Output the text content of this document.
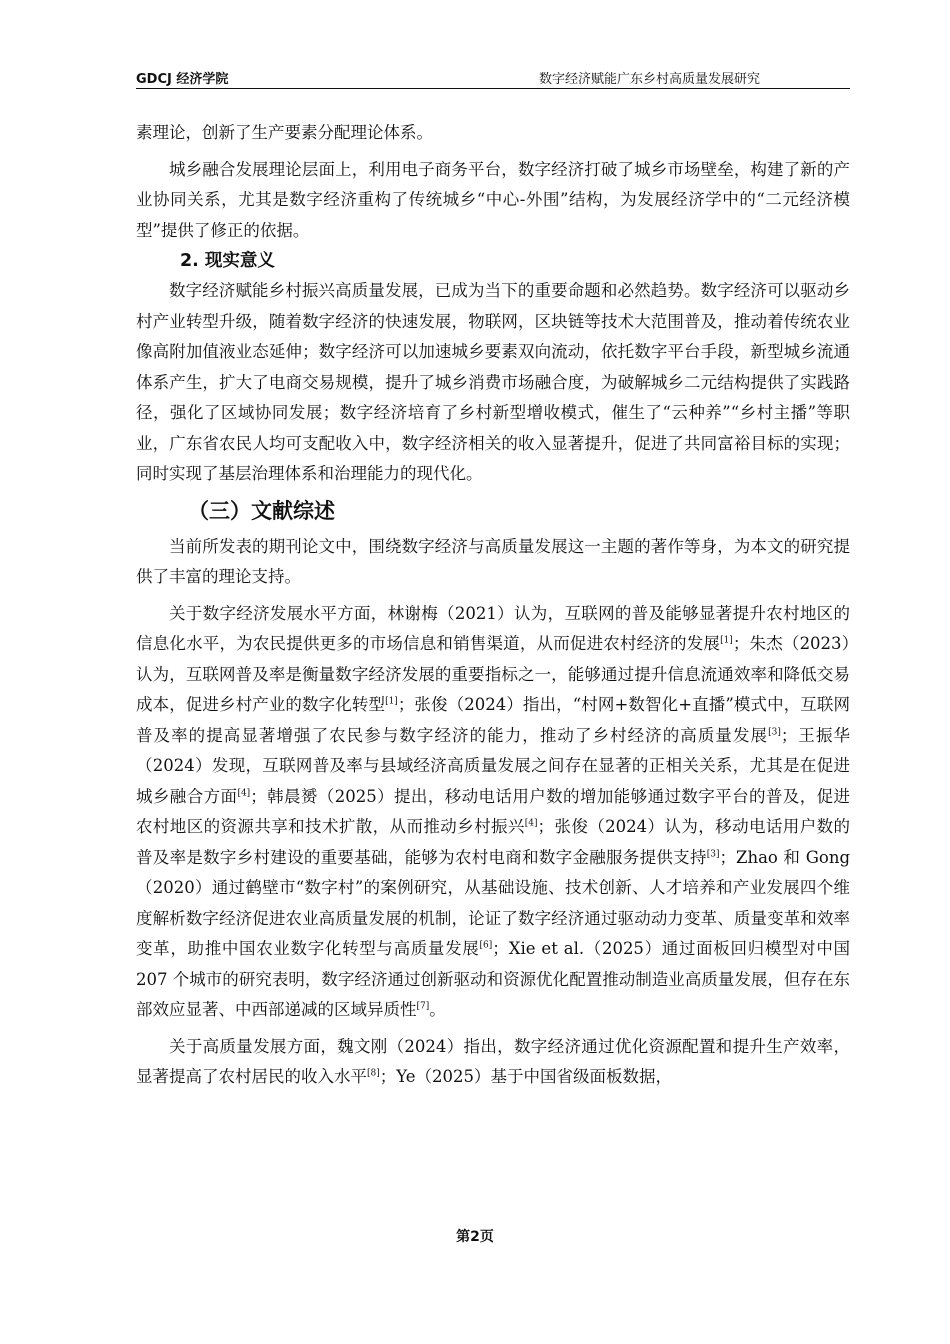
GDCJ 经济学院	数字经济赋能广东乡村高质量发展研究

素理论，创新了生产要素分配理论体系。

城乡融合发展理论层面上，利用电子商务平台，数字经济打破了城乡市场壁垒，构建了新的产业协同关系，尤其是数字经济重构了传统城乡“中心-外围”结构，为发展经济学中的“二元经济模型”提供了修正的依据。

2. 现实意义

数字经济赋能乡村振兴高质量发展，已成为当下的重要命题和必然趋势。数字经济可以驱动乡村产业转型升级，随着数字经济的快速发展，物联网，区块链等技术大范围普及，推动着传统农业像高附加值液业态延伸；数字经济可以加速城乡要素双向流动，依托数字平台手段，新型城乡流通体系产生，扩大了电商交易规模，提升了城乡消费市场融合度，为破解城乡二元结构提供了实践路径，强化了区域协同发展；数字经济培育了乡村新型增收模式，催生了“云种养”“乡村主播”等职业，广东省农民人均可支配收入中，数字经济相关的收入显著提升，促进了共同富裕目标的实现；同时实现了基层治理体系和治理能力的现代化。

（三）文献综述

当前所发表的期刊论文中，围绕数字经济与高质量发展这一主题的著作等身，为本文的研究提供了丰富的理论支持。

关于数字经济发展水平方面，林谢梅（2021）认为，互联网的普及能够显著提升农村地区的信息化水平，为农民提供更多的市场信息和销售渠道，从而促进农村经济的发展[1]；朱杰（2023）认为，互联网普及率是衡量数字经济发展的重要指标之一，能够通过提升信息流通效率和降低交易成本，促进乡村产业的数字化转型[1]；张俊（2024）指出，“村网+数智化+直播”模式中，互联网普及率的提高显著增强了农民参与数字经济的能力，推动了乡村经济的高质量发展[3]；王振华（2024）发现，互联网普及率与县域经济高质量发展之间存在显著的正相关关系，尤其是在促进城乡融合方面[4]；韩晨赟（2025）提出，移动电话用户数的增加能够通过数字平台的普及，促进农村地区的资源共享和技术扩散，从而推动乡村振兴[4]；张俊（2024）认为，移动电话用户数的普及率是数字乡村建设的重要基础，能够为农村电商和数字金融服务提供支持[3]；Zhao 和 Gong（2020）通过鹤壁市“数字村”的案例研究，从基础设施、技术创新、人才培养和产业发展四个维度解析数字经济促进农业高质量发展的机制，论证了数字经济通过驱动动力变革、质量变革和效率变革，助推中国农业数字化转型与高质量发展[6]；Xie et al.（2025）通过面板回归模型对中国 207 个城市的研究表明，数字经济通过创新驱动和资源优化配置推动制造业高质量发展，但存在东部效应显著、中西部递减的区域异质性[7]。

关于高质量发展方面，魏文刚（2024）指出，数字经济通过优化资源配置和提升生产效率，显著提高了农村居民的收入水平[8]；Ye（2025）基于中国省级面板数据，

第2页
